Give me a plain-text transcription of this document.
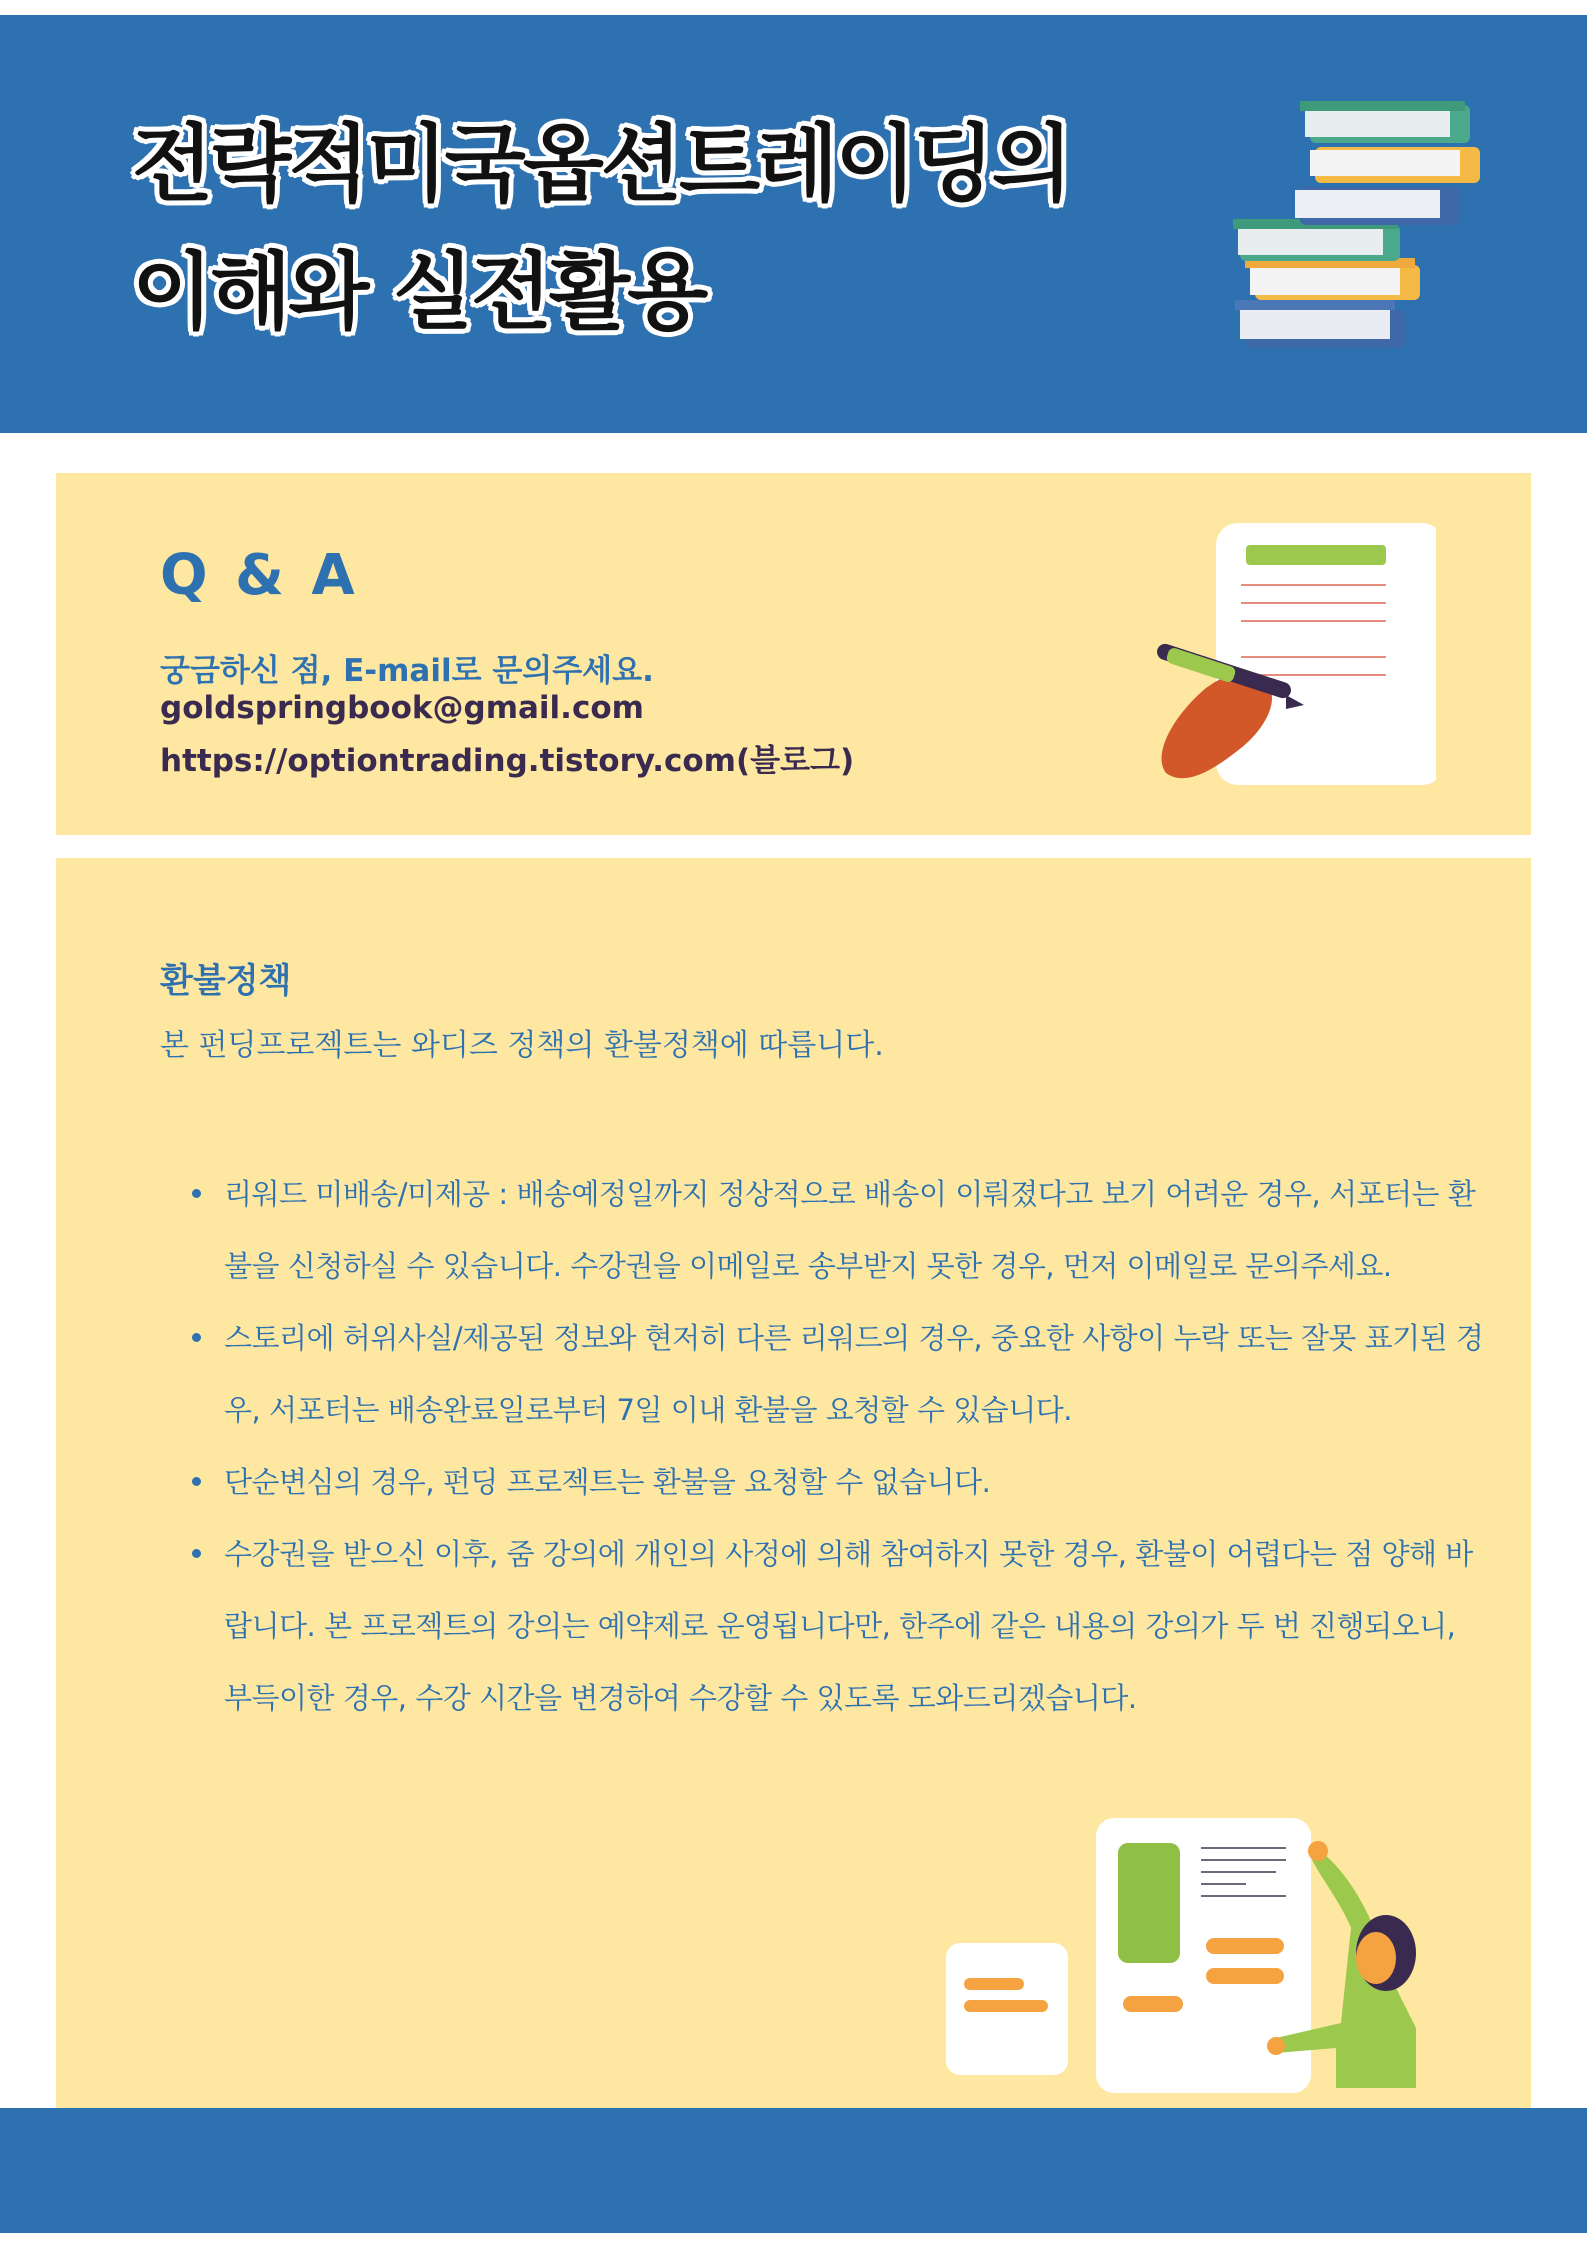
전략적미국옵션트레이딩의
이해와 실전활용
Q & A
궁금하신 점, E-mail로 문의주세요.
goldspringbook@gmail.com
https://optiontrading.tistory.com(블로그)
환불정책

본 펀딩프로젝트는 와디즈 정책의 환불정책에 따릅니다.

리워드 미배송/미제공 : 배송예정일까지 정상적으로 배송이 이뤄졌다고 보기 어려운 경우, 서포터는 환불을 신청하실 수 있습니다. 수강권을 이메일로 송부받지 못한 경우, 먼저 이메일로 문의주세요.
스토리에 허위사실/제공된 정보와 현저히 다른 리워드의 경우, 중요한 사항이 누락 또는 잘못 표기된 경우, 서포터는 배송완료일로부터 7일 이내 환불을 요청할 수 있습니다.
단순변심의 경우, 펀딩 프로젝트는 환불을 요청할 수 없습니다.
수강권을 받으신 이후, 줌 강의에 개인의 사정에 의해 참여하지 못한 경우, 환불이 어렵다는 점 양해 바랍니다. 본 프로젝트의 강의는 예약제로 운영됩니다만, 한주에 같은 내용의 강의가 두 번 진행되오니, 부득이한 경우, 수강 시간을 변경하여 수강할 수 있도록 도와드리겠습니다.
